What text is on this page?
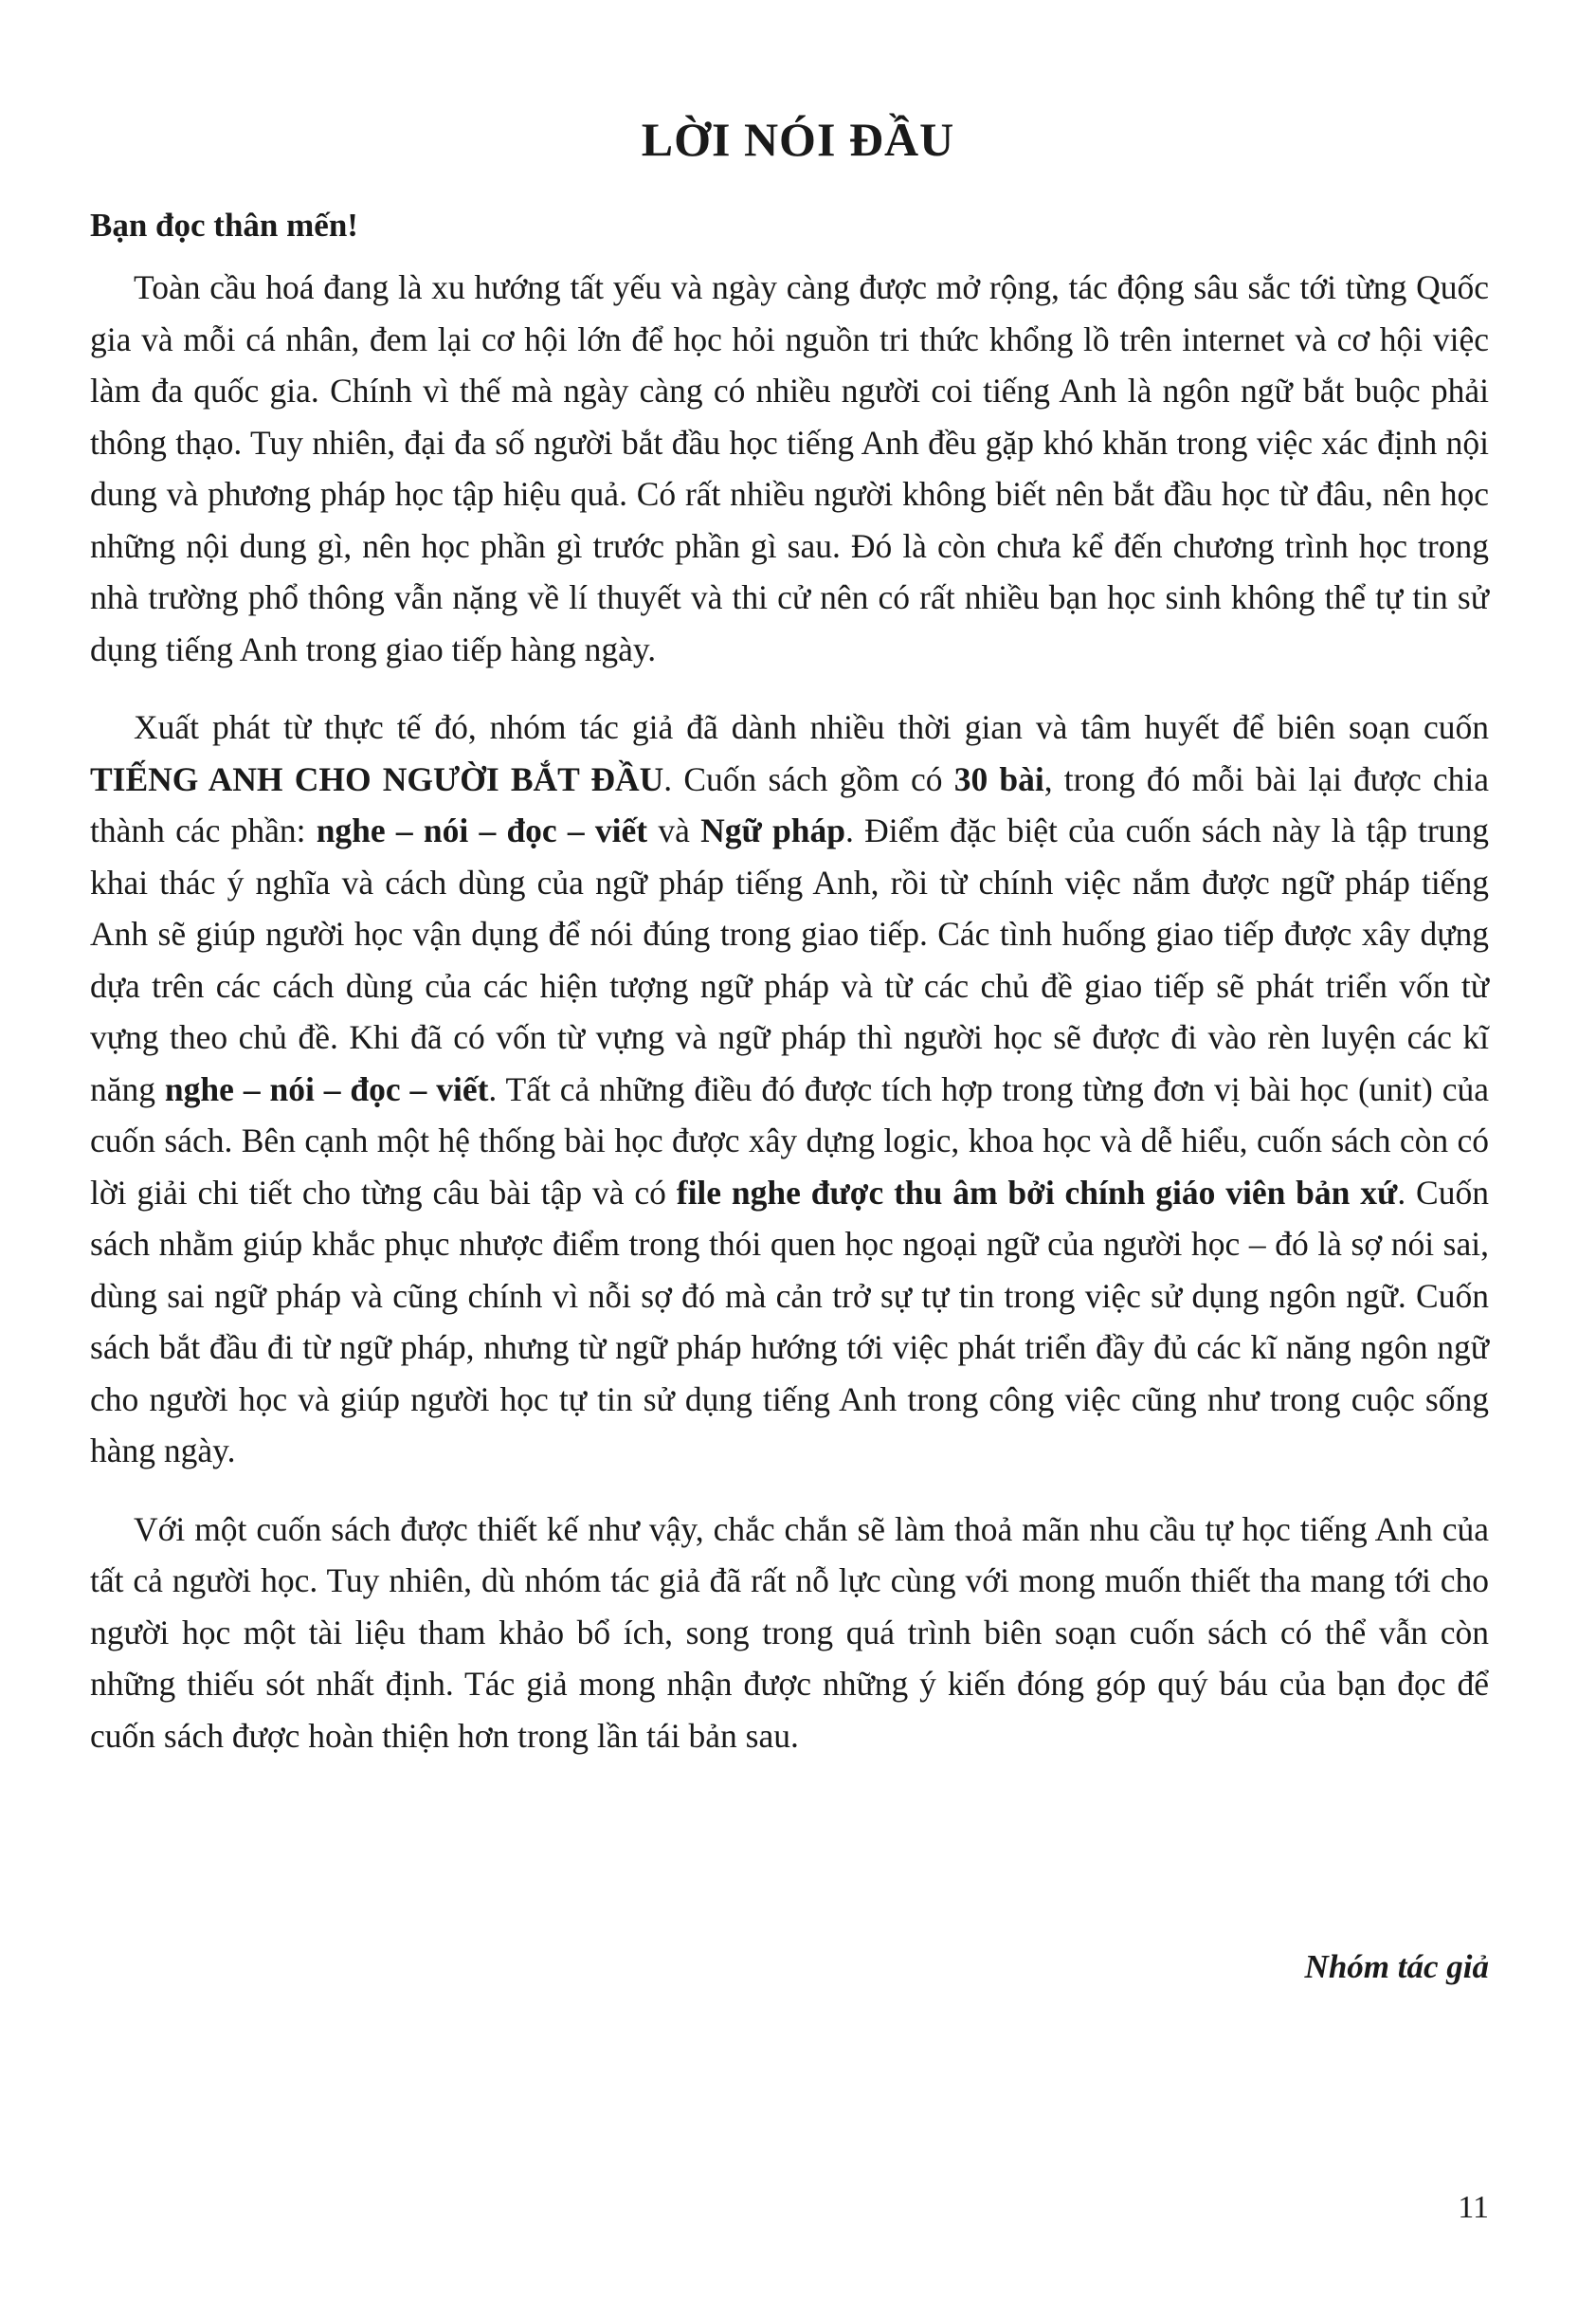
LỜI NÓI ĐẦU

Bạn đọc thân mến!

Toàn cầu hoá đang là xu hướng tất yếu và ngày càng được mở rộng, tác động sâu sắc tới từng Quốc gia và mỗi cá nhân, đem lại cơ hội lớn để học hỏi nguồn tri thức khổng lồ trên internet và cơ hội việc làm đa quốc gia. Chính vì thế mà ngày càng có nhiều người coi tiếng Anh là ngôn ngữ bắt buộc phải thông thạo. Tuy nhiên, đại đa số người bắt đầu học tiếng Anh đều gặp khó khăn trong việc xác định nội dung và phương pháp học tập hiệu quả. Có rất nhiều người không biết nên bắt đầu học từ đâu, nên học những nội dung gì, nên học phần gì trước phần gì sau. Đó là còn chưa kể đến chương trình học trong nhà trường phổ thông vẫn nặng về lí thuyết và thi cử nên có rất nhiều bạn học sinh không thể tự tin sử dụng tiếng Anh trong giao tiếp hàng ngày.

Xuất phát từ thực tế đó, nhóm tác giả đã dành nhiều thời gian và tâm huyết để biên soạn cuốn TIẾNG ANH CHO NGƯỜI BẮT ĐẦU. Cuốn sách gồm có 30 bài, trong đó mỗi bài lại được chia thành các phần: nghe – nói – đọc – viết và Ngữ pháp. Điểm đặc biệt của cuốn sách này là tập trung khai thác ý nghĩa và cách dùng của ngữ pháp tiếng Anh, rồi từ chính việc nắm được ngữ pháp tiếng Anh sẽ giúp người học vận dụng để nói đúng trong giao tiếp. Các tình huống giao tiếp được xây dựng dựa trên các cách dùng của các hiện tượng ngữ pháp và từ các chủ đề giao tiếp sẽ phát triển vốn từ vựng theo chủ đề. Khi đã có vốn từ vựng và ngữ pháp thì người học sẽ được đi vào rèn luyện các kĩ năng nghe – nói – đọc – viết. Tất cả những điều đó được tích hợp trong từng đơn vị bài học (unit) của cuốn sách. Bên cạnh một hệ thống bài học được xây dựng logic, khoa học và dễ hiểu, cuốn sách còn có lời giải chi tiết cho từng câu bài tập và có file nghe được thu âm bởi chính giáo viên bản xứ. Cuốn sách nhằm giúp khắc phục nhược điểm trong thói quen học ngoại ngữ của người học – đó là sợ nói sai, dùng sai ngữ pháp và cũng chính vì nỗi sợ đó mà cản trở sự tự tin trong việc sử dụng ngôn ngữ. Cuốn sách bắt đầu đi từ ngữ pháp, nhưng từ ngữ pháp hướng tới việc phát triển đầy đủ các kĩ năng ngôn ngữ cho người học và giúp người học tự tin sử dụng tiếng Anh trong công việc cũng như trong cuộc sống hàng ngày.

Với một cuốn sách được thiết kế như vậy, chắc chắn sẽ làm thoả mãn nhu cầu tự học tiếng Anh của tất cả người học. Tuy nhiên, dù nhóm tác giả đã rất nỗ lực cùng với mong muốn thiết tha mang tới cho người học một tài liệu tham khảo bổ ích, song trong quá trình biên soạn cuốn sách có thể vẫn còn những thiếu sót nhất định. Tác giả mong nhận được những ý kiến đóng góp quý báu của bạn đọc để cuốn sách được hoàn thiện hơn trong lần tái bản sau.

Nhóm tác giả

11
